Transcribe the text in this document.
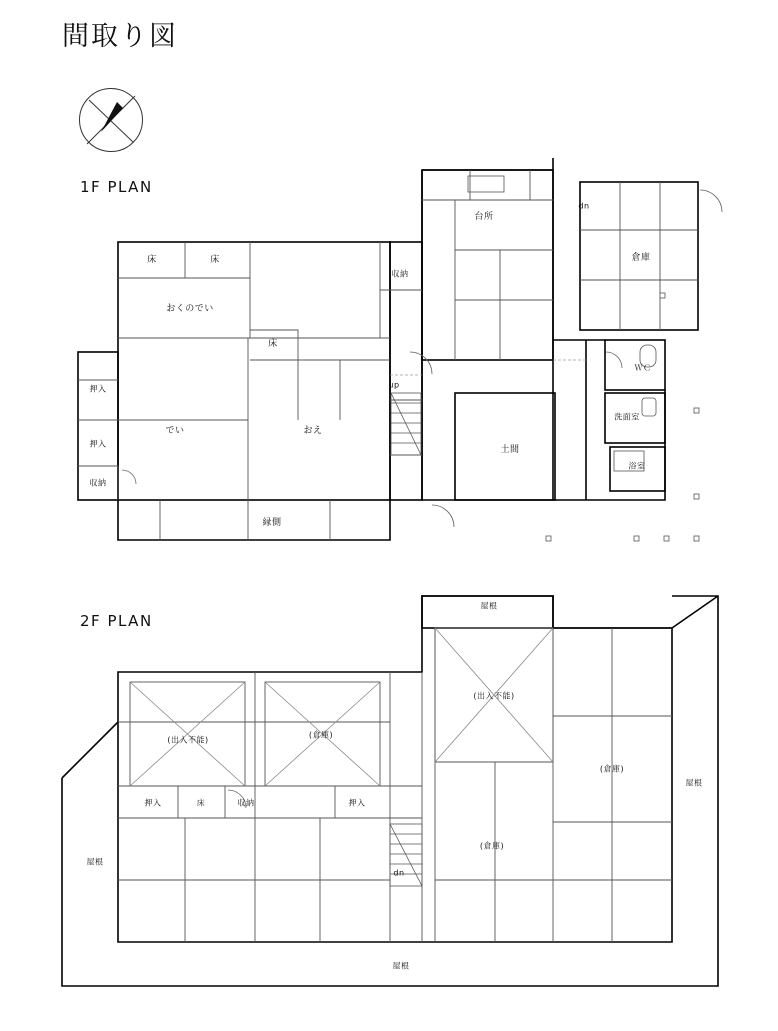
間取り図
1F PLAN
2F PLAN
床	床
おくのでい
収納
床
押入
押入
収納
でい	おえ
縁側
up
台所
土間
倉庫
dn
ＷＣ
洗面室
浴室
屋根
(出入不能)
(倉庫)
(出入不能)
(倉庫)
(倉庫)
押入	床	収納	押入
dn
屋根
屋根
屋根
